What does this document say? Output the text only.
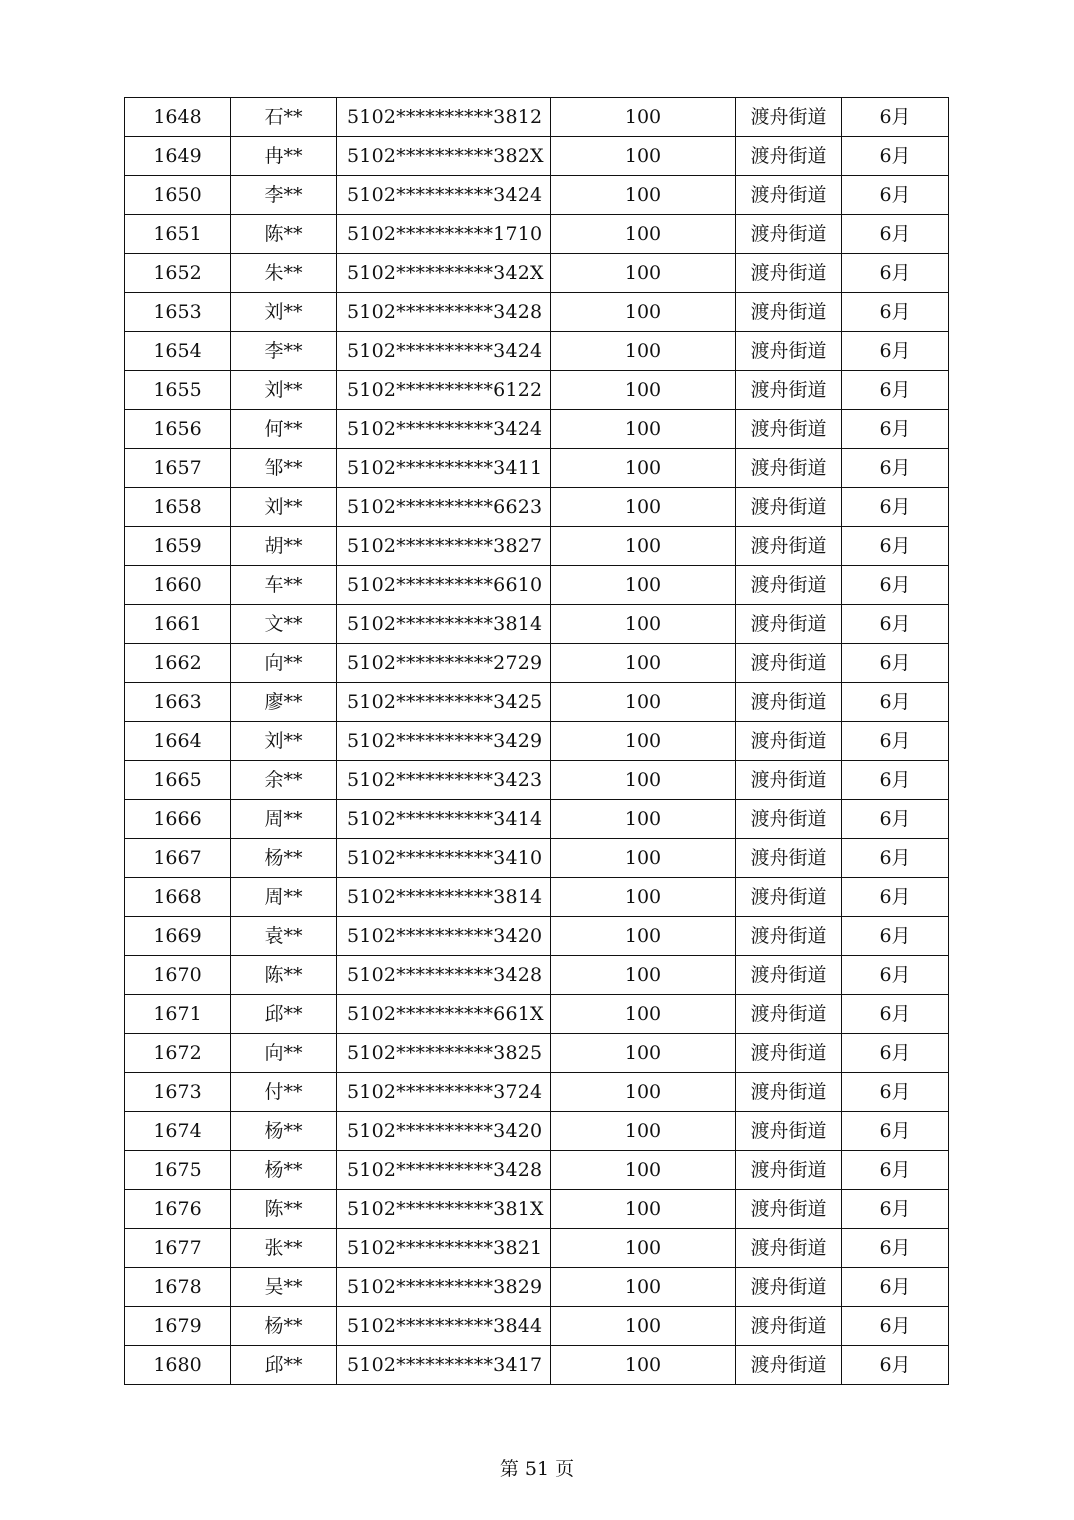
1648	石**	5102**********3812	100	渡舟街道	6月
1649	冉**	5102**********382X	100	渡舟街道	6月
1650	李**	5102**********3424	100	渡舟街道	6月
1651	陈**	5102**********1710	100	渡舟街道	6月
1652	朱**	5102**********342X	100	渡舟街道	6月
1653	刘**	5102**********3428	100	渡舟街道	6月
1654	李**	5102**********3424	100	渡舟街道	6月
1655	刘**	5102**********6122	100	渡舟街道	6月
1656	何**	5102**********3424	100	渡舟街道	6月
1657	邹**	5102**********3411	100	渡舟街道	6月
1658	刘**	5102**********6623	100	渡舟街道	6月
1659	胡**	5102**********3827	100	渡舟街道	6月
1660	车**	5102**********6610	100	渡舟街道	6月
1661	文**	5102**********3814	100	渡舟街道	6月
1662	向**	5102**********2729	100	渡舟街道	6月
1663	廖**	5102**********3425	100	渡舟街道	6月
1664	刘**	5102**********3429	100	渡舟街道	6月
1665	余**	5102**********3423	100	渡舟街道	6月
1666	周**	5102**********3414	100	渡舟街道	6月
1667	杨**	5102**********3410	100	渡舟街道	6月
1668	周**	5102**********3814	100	渡舟街道	6月
1669	袁**	5102**********3420	100	渡舟街道	6月
1670	陈**	5102**********3428	100	渡舟街道	6月
1671	邱**	5102**********661X	100	渡舟街道	6月
1672	向**	5102**********3825	100	渡舟街道	6月
1673	付**	5102**********3724	100	渡舟街道	6月
1674	杨**	5102**********3420	100	渡舟街道	6月
1675	杨**	5102**********3428	100	渡舟街道	6月
1676	陈**	5102**********381X	100	渡舟街道	6月
1677	张**	5102**********3821	100	渡舟街道	6月
1678	吴**	5102**********3829	100	渡舟街道	6月
1679	杨**	5102**********3844	100	渡舟街道	6月
1680	邱**	5102**********3417	100	渡舟街道	6月
第 51 页
